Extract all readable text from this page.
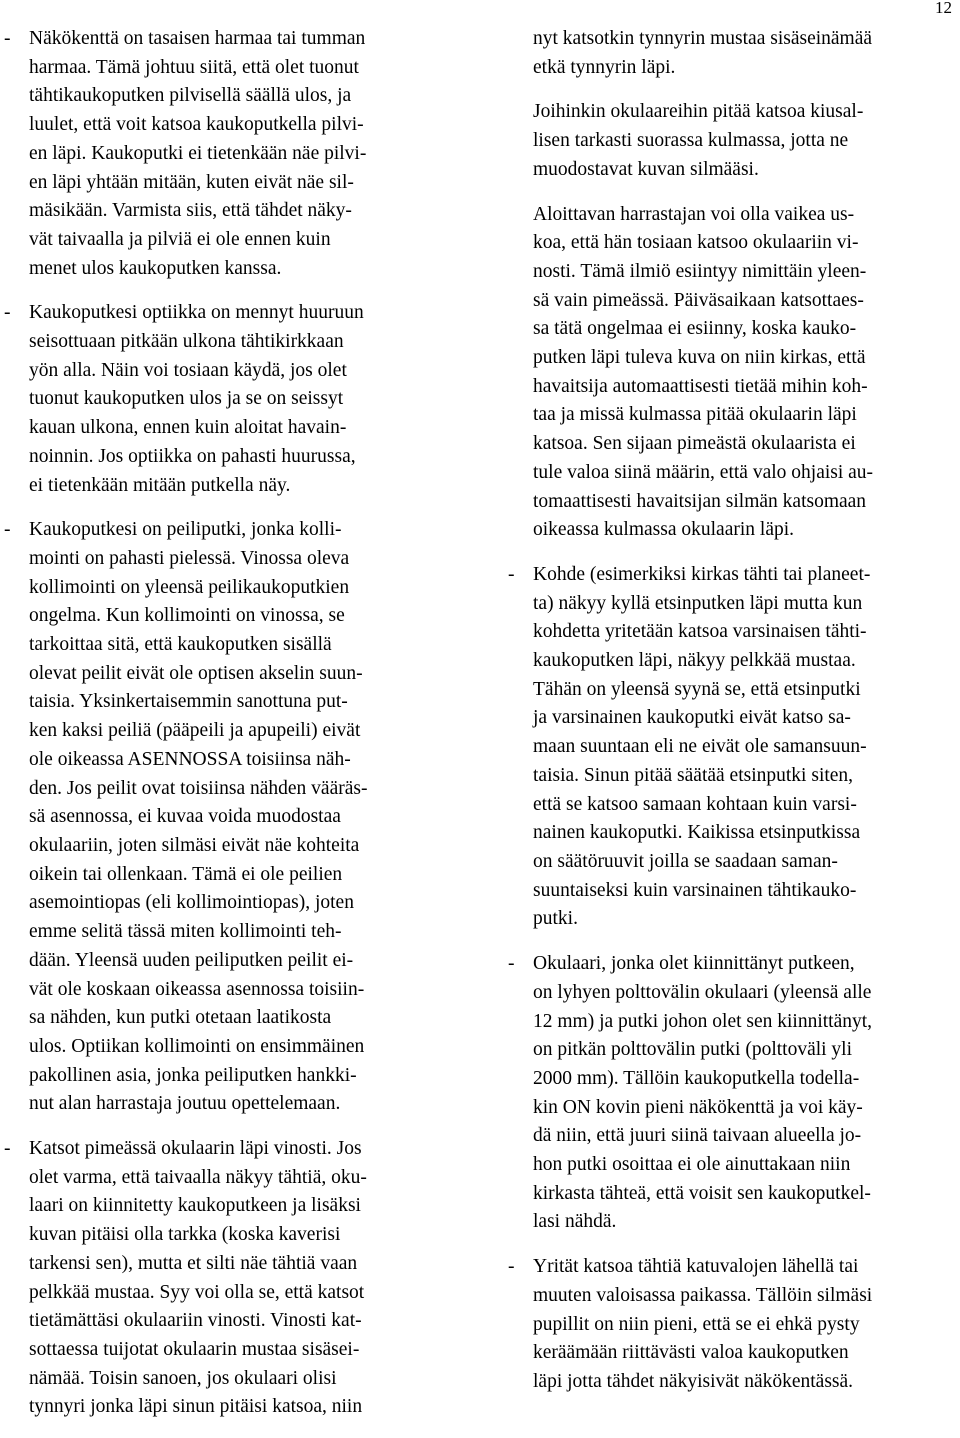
12
- Näkökenttä on tasaisen harmaa tai tumman
harmaa. Tämä johtuu siitä, että olet tuonut
tähtikaukoputken pilvisellä säällä ulos, ja
luulet, että voit katsoa kaukoputkella pilvi-
en läpi. Kaukoputki ei tietenkään näe pilvi-
en läpi yhtään mitään, kuten eivät näe sil-
mäsikään. Varmista siis, että tähdet näky-
vät taivaalla ja pilviä ei ole ennen kuin
menet ulos kaukoputken kanssa.
- Kaukoputkesi optiikka on mennyt huuruun
seisottuaan pitkään ulkona tähtikirkkaan
yön alla. Näin voi tosiaan käydä, jos olet
tuonut kaukoputken ulos ja se on seissyt
kauan ulkona, ennen kuin aloitat havain-
noinnin. Jos optiikka on pahasti huurussa,
ei tietenkään mitään putkella näy.
- Kaukoputkesi on peiliputki, jonka kolli-
mointi on pahasti pielessä. Vinossa oleva
kollimointi on yleensä peilikaukoputkien
ongelma. Kun kollimointi on vinossa, se
tarkoittaa sitä, että kaukoputken sisällä
olevat peilit eivät ole optisen akselin suun-
taisia. Yksinkertaisemmin sanottuna put-
ken kaksi peiliä (pääpeili ja apupeili) eivät
ole oikeassa ASENNOSSA toisiinsa näh-
den. Jos peilit ovat toisiinsa nähden vääräs-
sä asennossa, ei kuvaa voida muodostaa
okulaariin, joten silmäsi eivät näe kohteita
oikein tai ollenkaan. Tämä ei ole peilien
asemointiopas (eli kollimointiopas), joten
emme selitä tässä miten kollimointi teh-
dään. Yleensä uuden peiliputken peilit ei-
vät ole koskaan oikeassa asennossa toisiin-
sa nähden, kun putki otetaan laatikosta
ulos. Optiikan kollimointi on ensimmäinen
pakollinen asia, jonka peiliputken hankki-
nut alan harrastaja joutuu opettelemaan.
- Katsot pimeässä okulaarin läpi vinosti. Jos
olet varma, että taivaalla näkyy tähtiä, oku-
laari on kiinnitetty kaukoputkeen ja lisäksi
kuvan pitäisi olla tarkka (koska kaverisi
tarkensi sen), mutta et silti näe tähtiä vaan
pelkkää mustaa. Syy voi olla se, että katsot
tietämättäsi okulaariin vinosti. Vinosti kat-
sottaessa tuijotat okulaarin mustaa sisäsei-
nämää. Toisin sanoen, jos okulaari olisi
tynnyri jonka läpi sinun pitäisi katsoa, niin
nyt katsotkin tynnyrin mustaa sisäseinämää
etkä tynnyrin läpi.
Joihinkin okulaareihin pitää katsoa kiusal-
lisen tarkasti suorassa kulmassa, jotta ne
muodostavat kuvan silmääsi.
Aloittavan harrastajan voi olla vaikea us-
koa, että hän tosiaan katsoo okulaariin vi-
nosti. Tämä ilmiö esiintyy nimittäin yleen-
sä vain pimeässä. Päiväsaikaan katsottaes-
sa tätä ongelmaa ei esiinny, koska kauko-
putken läpi tuleva kuva on niin kirkas, että
havaitsija automaattisesti tietää mihin koh-
taa ja missä kulmassa pitää okulaarin läpi
katsoa. Sen sijaan pimeästä okulaarista ei
tule valoa siinä määrin, että valo ohjaisi au-
tomaattisesti havaitsijan silmän katsomaan
oikeassa kulmassa okulaarin läpi.
- Kohde (esimerkiksi kirkas tähti tai planeet-
ta) näkyy kyllä etsinputken läpi mutta kun
kohdetta yritetään katsoa varsinaisen tähti-
kaukoputken läpi, näkyy pelkkää mustaa.
Tähän on yleensä syynä se, että etsinputki
ja varsinainen kaukoputki eivät katso sa-
maan suuntaan eli ne eivät ole samansuun-
taisia. Sinun pitää säätää etsinputki siten,
että se katsoo samaan kohtaan kuin varsi-
nainen kaukoputki. Kaikissa etsinputkissa
on säätöruuvit joilla se saadaan saman-
suuntaiseksi kuin varsinainen tähtikauko-
putki.
- Okulaari, jonka olet kiinnittänyt putkeen,
on lyhyen polttovälin okulaari (yleensä alle
12 mm) ja putki johon olet sen kiinnittänyt,
on pitkän polttovälin putki (polttoväli yli
2000 mm). Tällöin kaukoputkella todella-
kin ON kovin pieni näkökenttä ja voi käy-
dä niin, että juuri siinä taivaan alueella jo-
hon putki osoittaa ei ole ainuttakaan niin
kirkasta tähteä, että voisit sen kaukoputkel-
lasi nähdä.
- Yrität katsoa tähtiä katuvalojen lähellä tai
muuten valoisassa paikassa. Tällöin silmäsi
pupillit on niin pieni, että se ei ehkä pysty
keräämään riittävästi valoa kaukoputken
läpi jotta tähdet näkyisivät näkökentässä.
